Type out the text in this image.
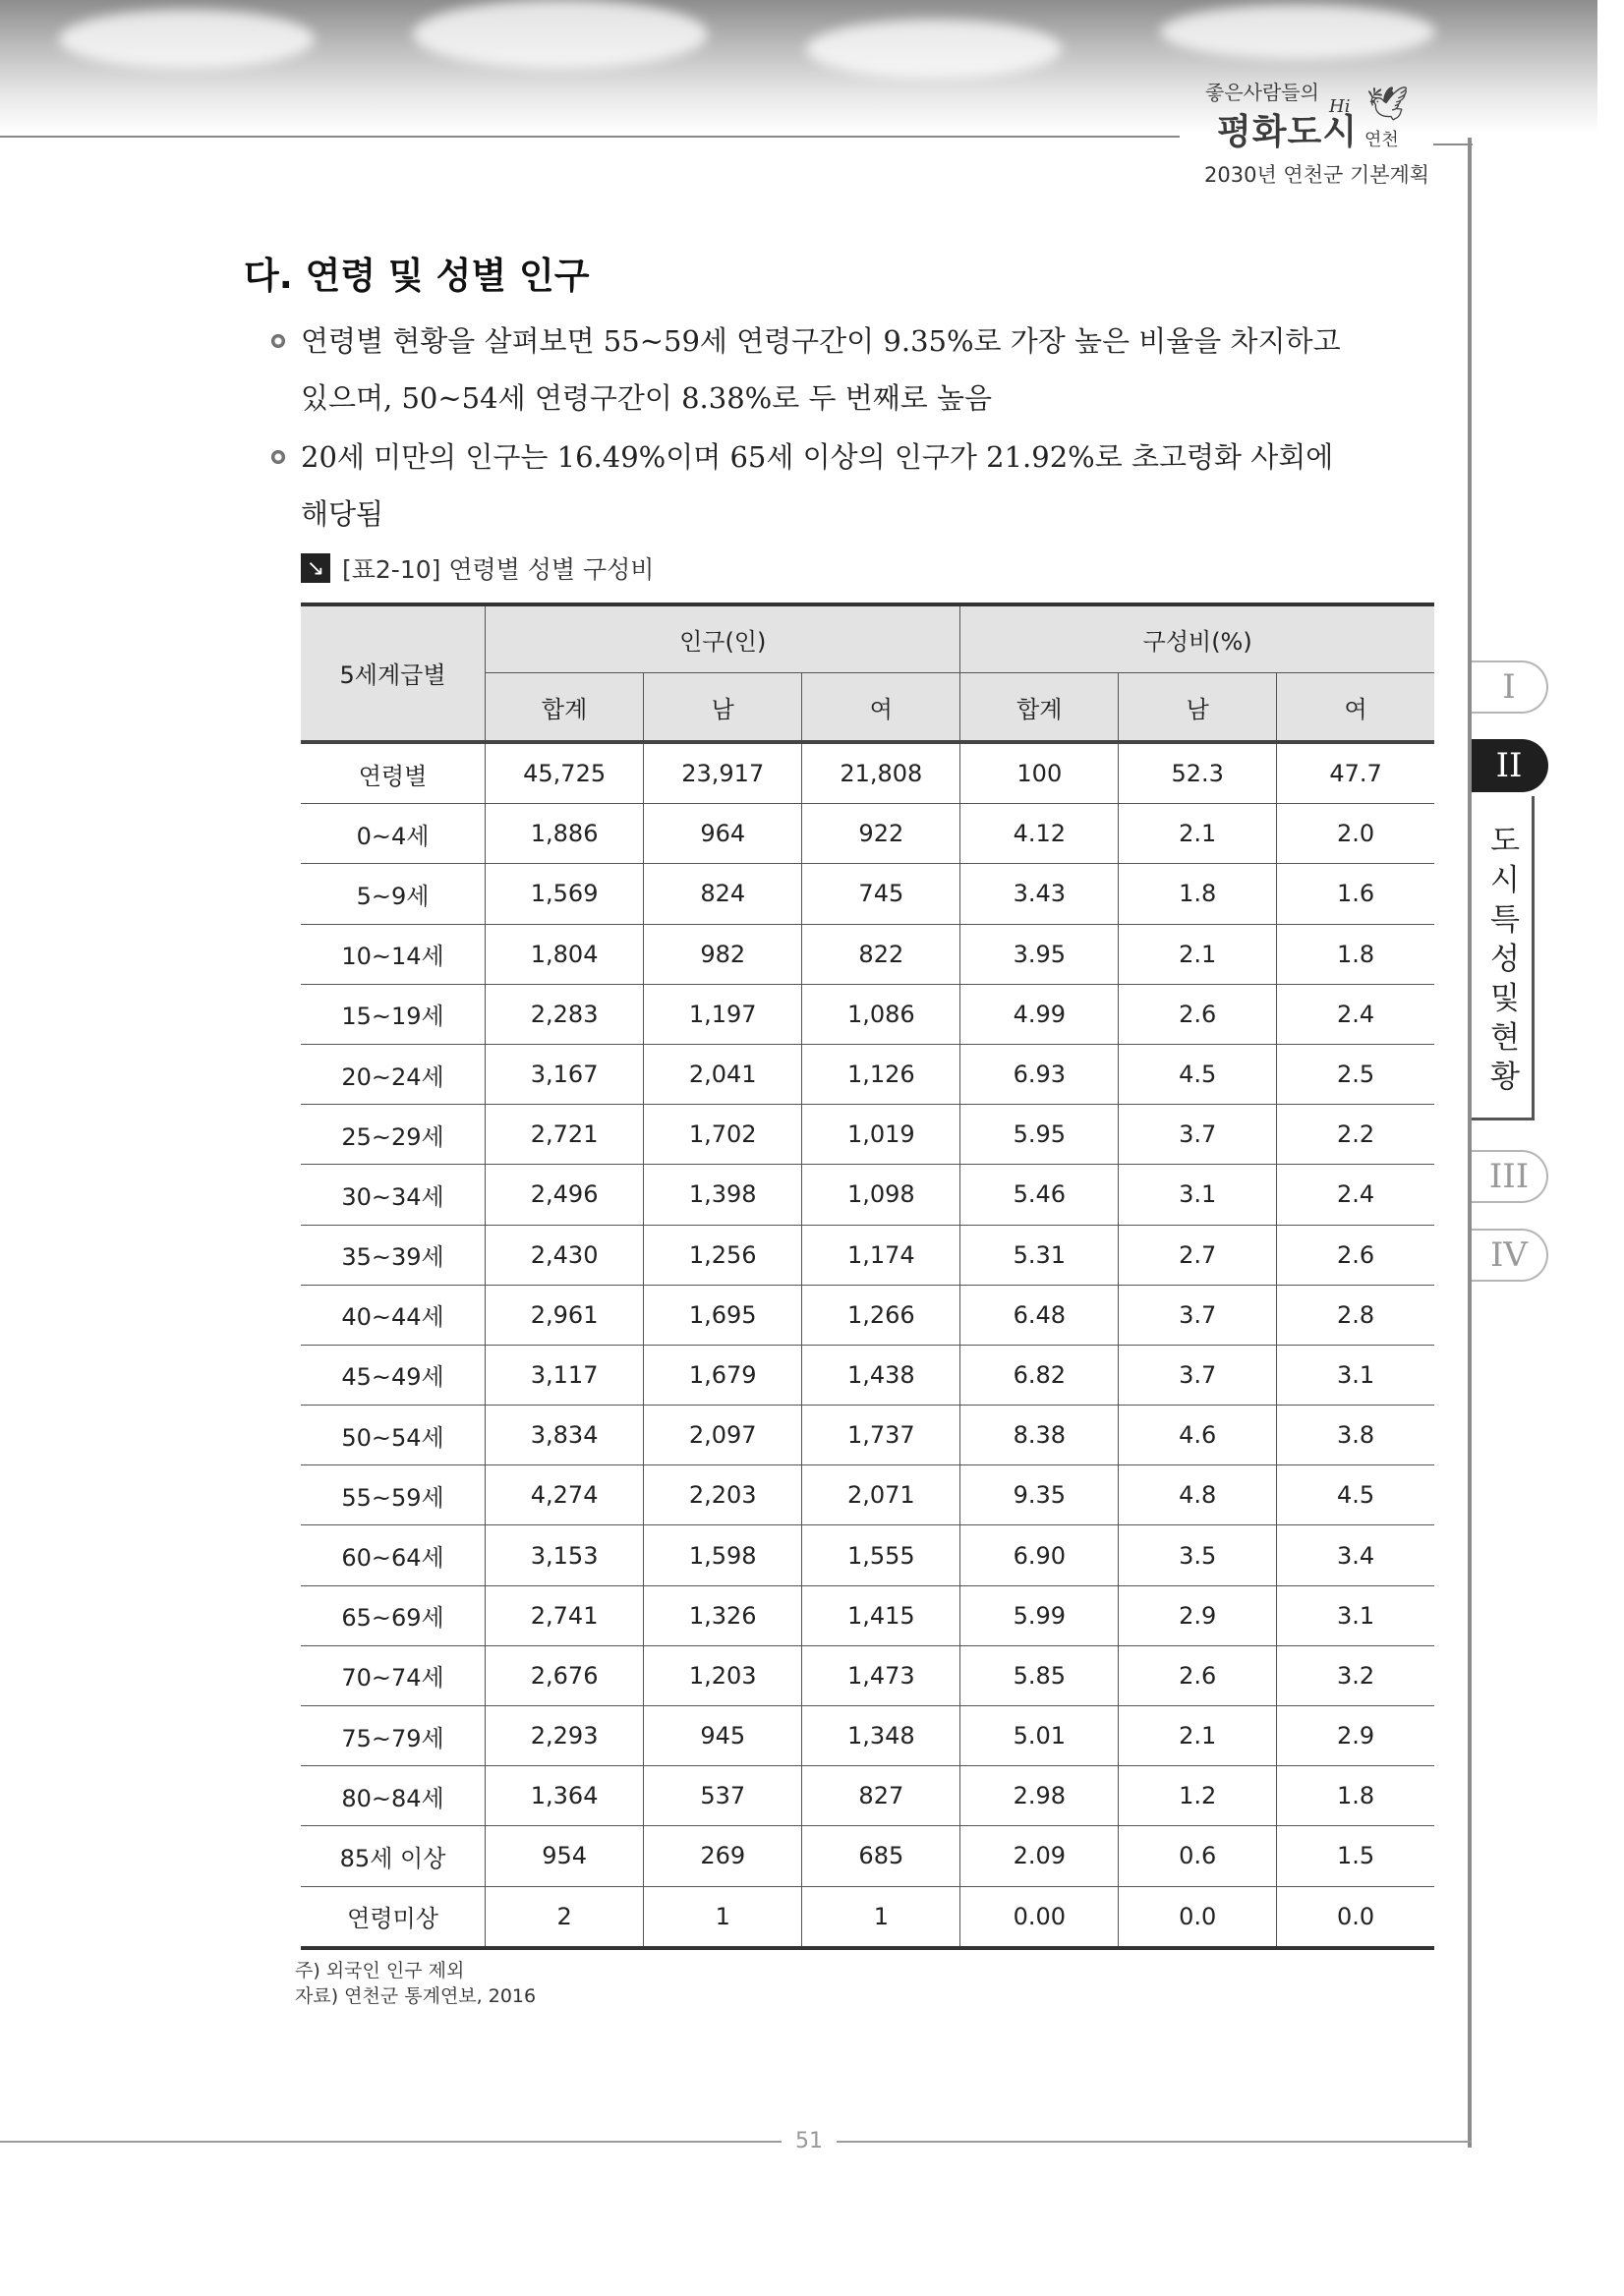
좋은사람들의
평화도시
Hi 🕊
연천
2030년 연천군 기본계획
I
II
도시특성및현황
III
IV
다. 연령 및 성별 인구
연령별 현황을 살펴보면 55~59세 연령구간이 9.35%로 가장 높은 비율을 차지하고
있으며, 50~54세 연령구간이 8.38%로 두 번째로 높음
20세 미만의 인구는 16.49%이며 65세 이상의 인구가 21.92%로 초고령화 사회에
해당됨
↘ [표2-10] 연령별 성별 구성비
5세계급별	인구(인)			구성비(%)		
	합계	남	여	합계	남	여
연령별	45,725	23,917	21,808	100	52.3	47.7
0~4세	1,886	964	922	4.12	2.1	2.0
5~9세	1,569	824	745	3.43	1.8	1.6
10~14세	1,804	982	822	3.95	2.1	1.8
15~19세	2,283	1,197	1,086	4.99	2.6	2.4
20~24세	3,167	2,041	1,126	6.93	4.5	2.5
25~29세	2,721	1,702	1,019	5.95	3.7	2.2
30~34세	2,496	1,398	1,098	5.46	3.1	2.4
35~39세	2,430	1,256	1,174	5.31	2.7	2.6
40~44세	2,961	1,695	1,266	6.48	3.7	2.8
45~49세	3,117	1,679	1,438	6.82	3.7	3.1
50~54세	3,834	2,097	1,737	8.38	4.6	3.8
55~59세	4,274	2,203	2,071	9.35	4.8	4.5
60~64세	3,153	1,598	1,555	6.90	3.5	3.4
65~69세	2,741	1,326	1,415	5.99	2.9	3.1
70~74세	2,676	1,203	1,473	5.85	2.6	3.2
75~79세	2,293	945	1,348	5.01	2.1	2.9
80~84세	1,364	537	827	2.98	1.2	1.8
85세 이상	954	269	685	2.09	0.6	1.5
연령미상	2	1	1	0.00	0.0	0.0
주) 외국인 인구 제외
자료) 연천군 통계연보, 2016
51
